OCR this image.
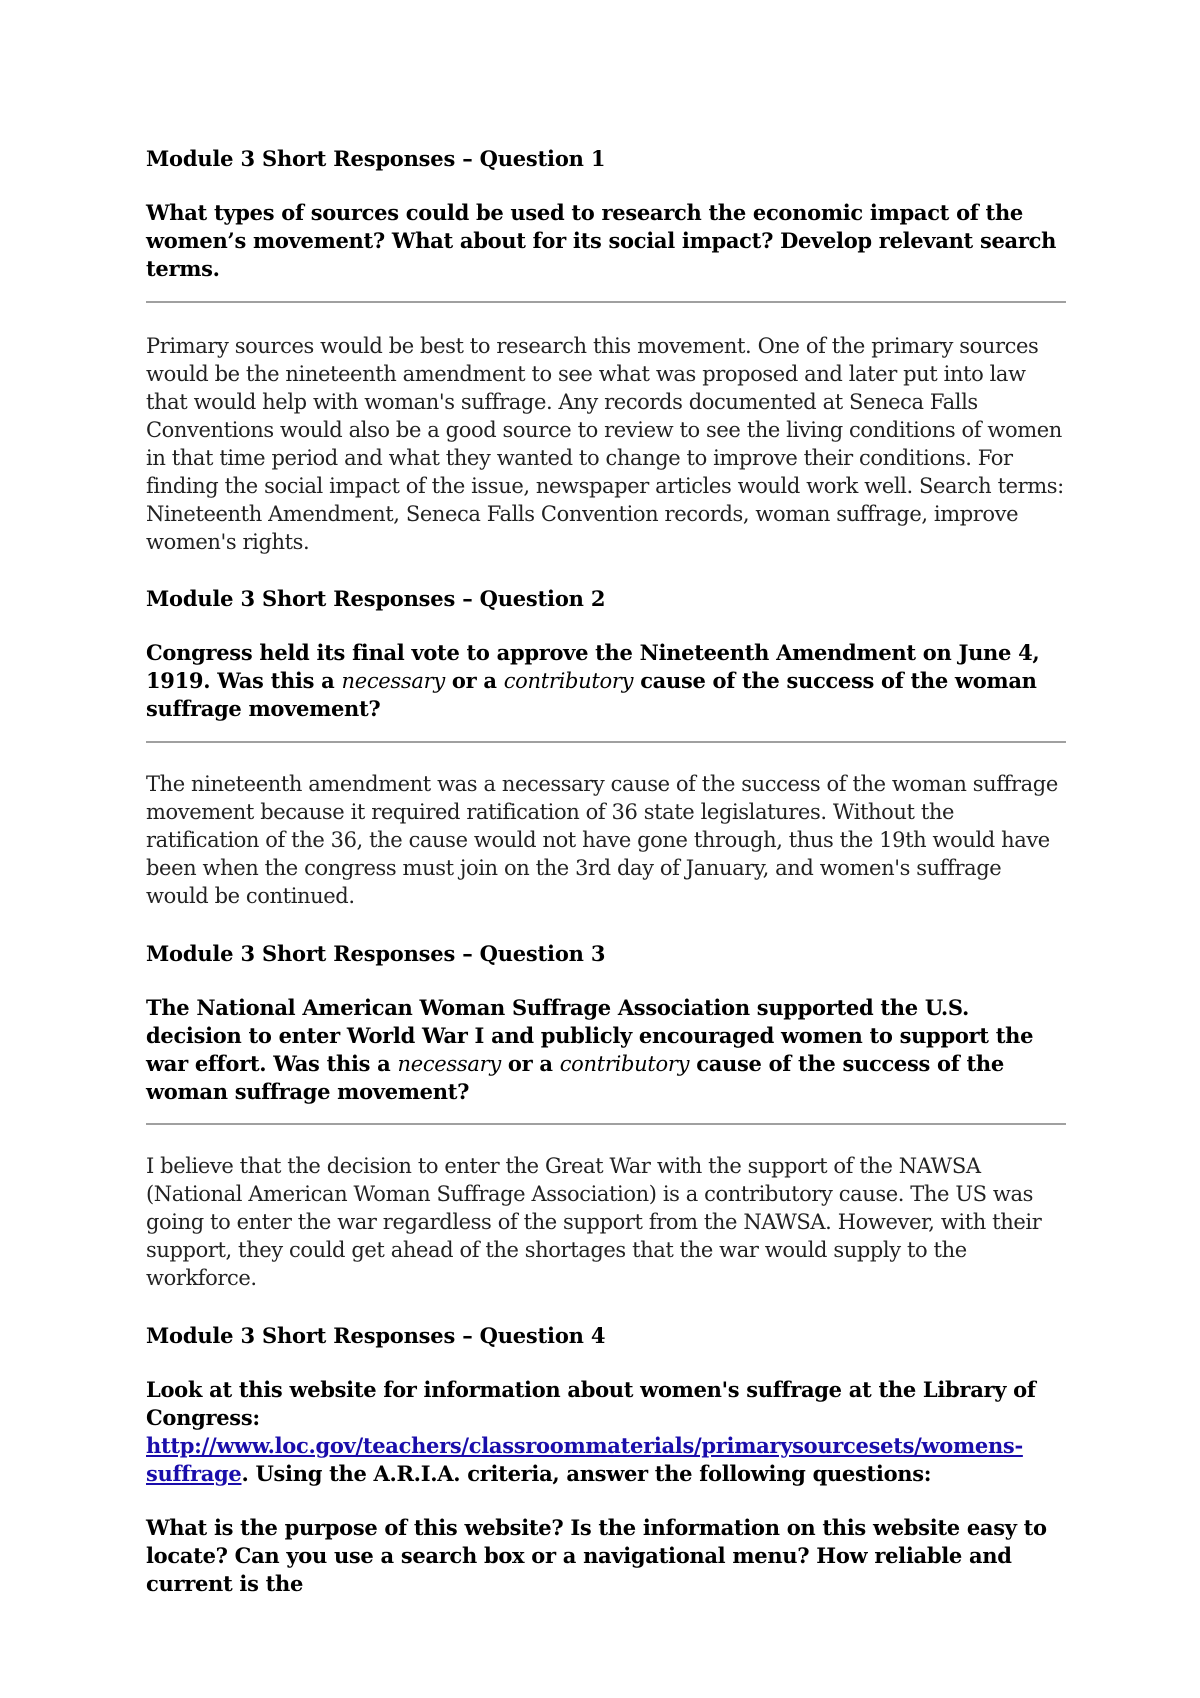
Module 3 Short Responses – Question 1

What types of sources could be used to research the economic impact of the women’s movement? What about for its social impact? Develop relevant search terms.

Primary sources would be best to research this movement. One of the primary sources would be the nineteenth amendment to see what was proposed and later put into law that would help with woman's suffrage. Any records documented at Seneca Falls Conventions would also be a good source to review to see the living conditions of women in that time period and what they wanted to change to improve their conditions. For finding the social impact of the issue, newspaper articles would work well. Search terms: Nineteenth Amendment, Seneca Falls Convention records, woman suffrage, improve women's rights.

Module 3 Short Responses – Question 2

Congress held its final vote to approve the Nineteenth Amendment on June 4, 1919. Was this a necessary or a contributory cause of the success of the woman suffrage movement?

The nineteenth amendment was a necessary cause of the success of the woman suffrage movement because it required ratification of 36 state legislatures. Without the ratification of the 36, the cause would not have gone through, thus the 19th would have been when the congress must join on the 3rd day of January, and women's suffrage would be continued.

Module 3 Short Responses – Question 3

The National American Woman Suffrage Association supported the U.S. decision to enter World War I and publicly encouraged women to support the war effort. Was this a necessary or a contributory cause of the success of the woman suffrage movement?

I believe that the decision to enter the Great War with the support of the NAWSA (National American Woman Suffrage Association) is a contributory cause. The US was going to enter the war regardless of the support from the NAWSA. However, with their support, they could get ahead of the shortages that the war would supply to the workforce.

Module 3 Short Responses – Question 4

Look at this website for information about women's suffrage at the Library of Congress: http://www.loc.gov/teachers/classroommaterials/primarysourcesets/womens-suffrage. Using the A.R.I.A. criteria, answer the following questions:

What is the purpose of this website? Is the information on this website easy to locate? Can you use a search box or a navigational menu? How reliable and current is the
